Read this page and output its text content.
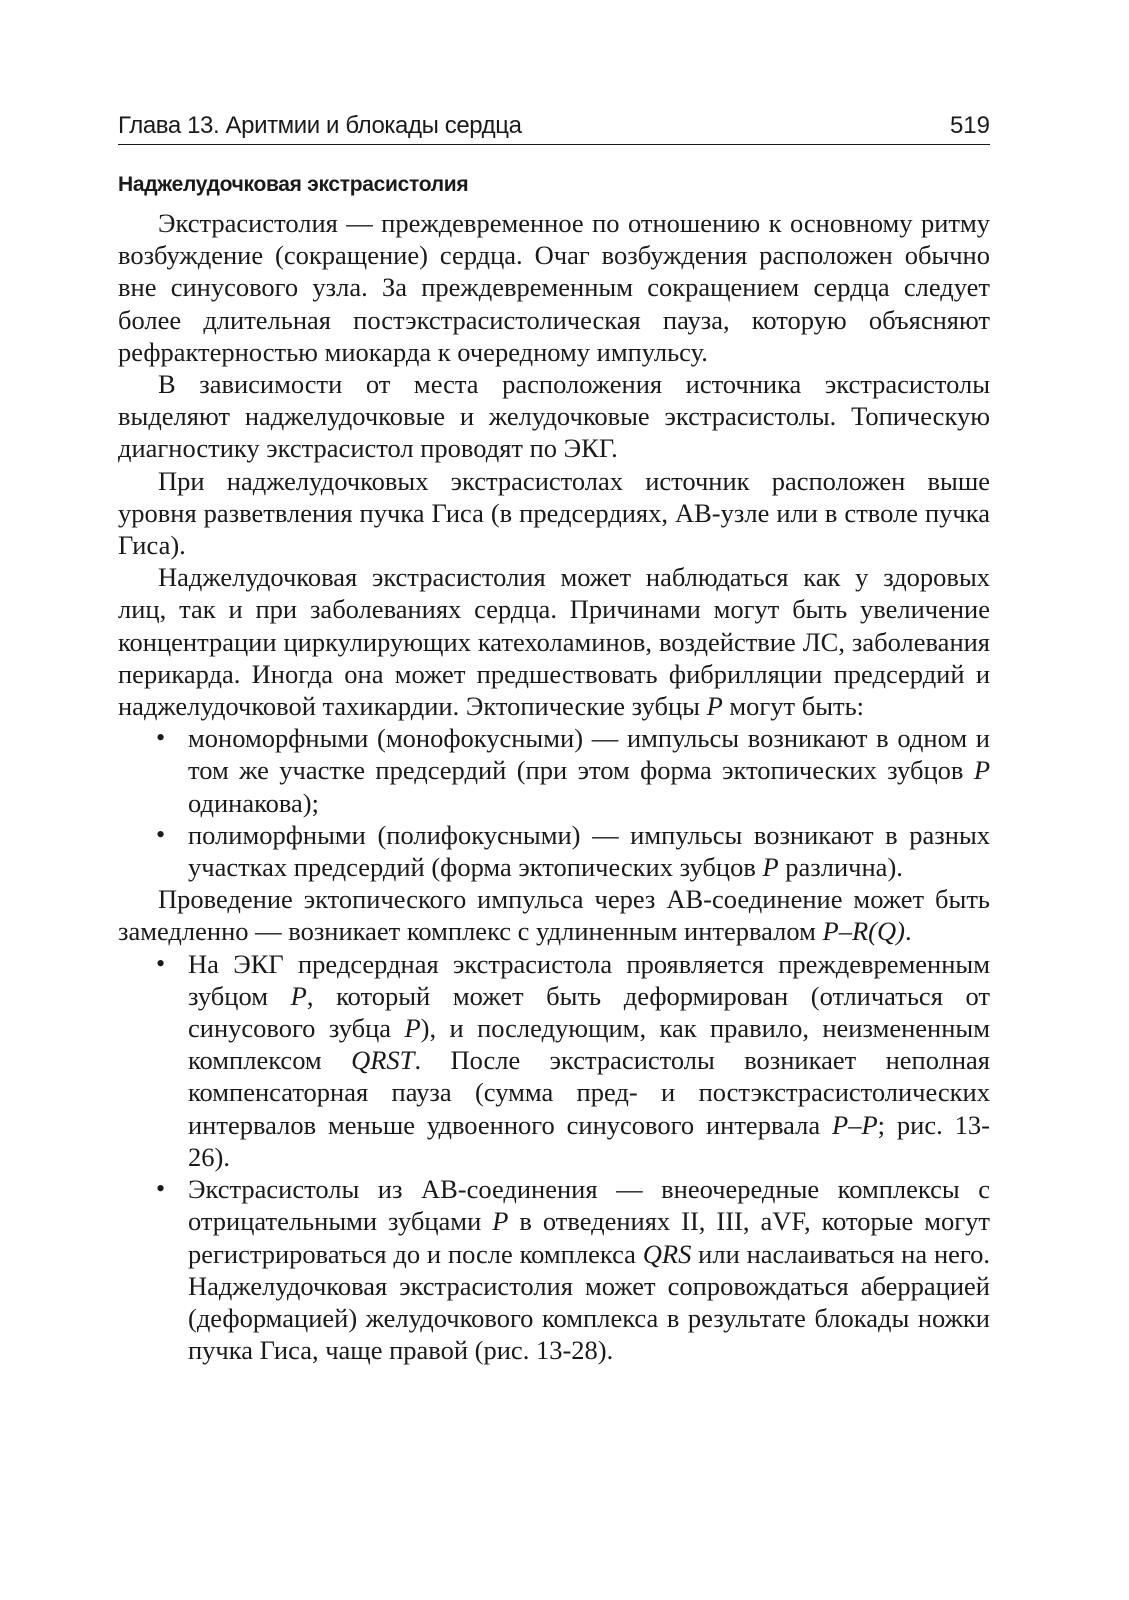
Глава 13. Аритмии и блокады сердца	519
Наджелудочковая экстрасистолия

Экстрасистолия — преждевременное по отношению к основному ритму возбуждение (сокращение) сердца. Очаг возбуждения расположен обычно вне синусового узла. За преждевременным сокращением сердца следует более длительная постэкстрасистолическая пауза, которую объясняют рефрактерностью миокарда к очередному импульсу.

В зависимости от места расположения источника экстрасистолы выделяют наджелудочковые и желудочковые экстрасистолы. Топическую диагностику экстрасистол проводят по ЭКГ.

При наджелудочковых экстрасистолах источник расположен выше уровня разветвления пучка Гиса (в предсердиях, АВ-узле или в стволе пучка Гиса).

Наджелудочковая экстрасистолия может наблюдаться как у здоровых лиц, так и при заболеваниях сердца. Причинами могут быть увеличение концентрации циркулирующих катехоламинов, воздействие ЛС, заболевания перикарда. Иногда она может предшествовать фибрилляции предсердий и наджелудочковой тахикардии. Эктопические зубцы P могут быть:

• мономорфными (монофокусными) — импульсы возникают в одном и том же участке предсердий (при этом форма эктопических зубцов P одинакова);
• полиморфными (полифокусными) — импульсы возникают в разных участках предсердий (форма эктопических зубцов P различна).

Проведение эктопического импульса через АВ-соединение может быть замедленно — возникает комплекс с удлиненным интервалом P–R(Q).

• На ЭКГ предсердная экстрасистола проявляется преждевременным зубцом P, который может быть деформирован (отличаться от синусового зубца P), и последующим, как правило, неизмененным комплексом QRST. После экстрасистолы возникает неполная компенсаторная пауза (сумма пред- и постэкстрасистолических интервалов меньше удвоенного синусового интервала P–P; рис. 13-26).
• Экстрасистолы из АВ-соединения — внеочередные комплексы с отрицательными зубцами P в отведениях II, III, aVF, которые могут регистрироваться до и после комплекса QRS или наслаиваться на него. Наджелудочковая экстрасистолия может сопровождаться аберрацией (деформацией) желудочкового комплекса в результате блокады ножки пучка Гиса, чаще правой (рис. 13-28).
